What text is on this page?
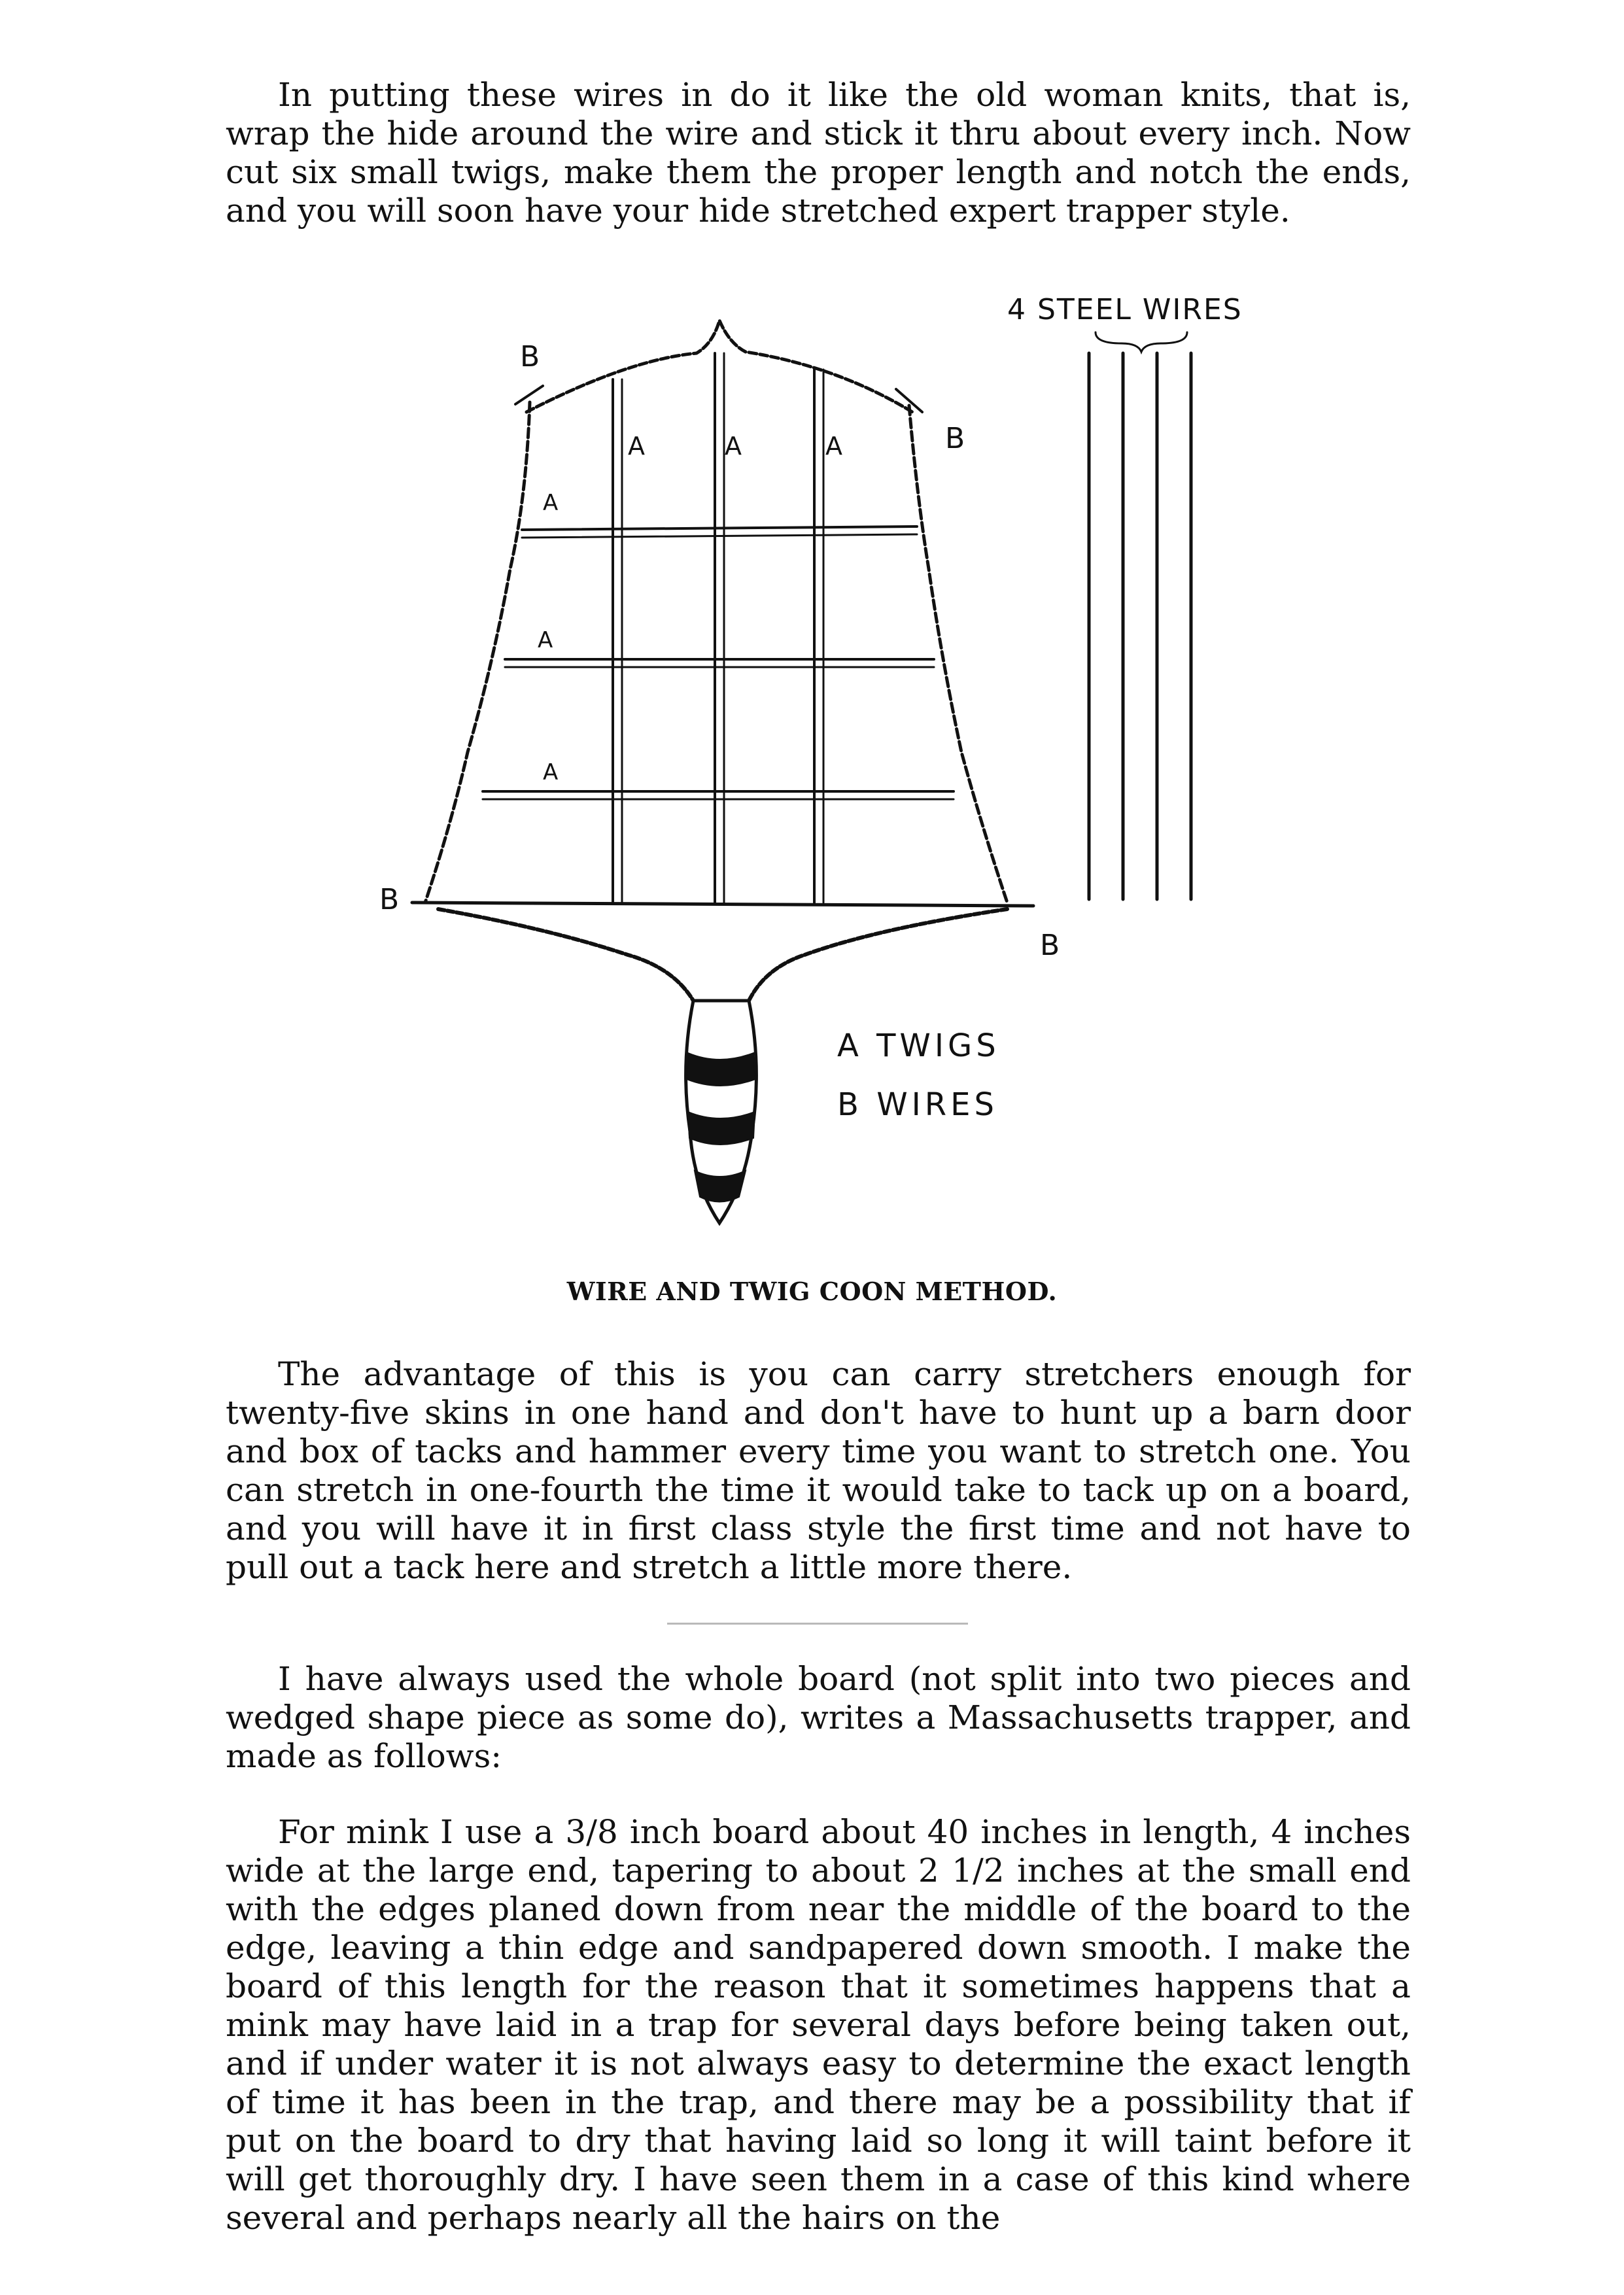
In putting these wires in do it like the old woman knits, that is, wrap the hide around the wire and stick it thru about every inch. Now cut six small twigs, make them the proper length and notch the ends, and you will soon have your hide stretched expert trapper style.
4 STEEL WIRES
B
B
B
B
A	A	A
A
A
A
A TWIGS
B WIRES
WIRE AND TWIG COON METHOD.
The advantage of this is you can carry stretchers enough for twenty-five skins in one hand and don't have to hunt up a barn door and box of tacks and hammer every time you want to stretch one. You can stretch in one-fourth the time it would take to tack up on a board, and you will have it in first class style the first time and not have to pull out a tack here and stretch a little more there.
I have always used the whole board (not split into two pieces and wedged shape piece as some do), writes a Massachusetts trapper, and made as follows:
For mink I use a 3/8 inch board about 40 inches in length, 4 inches wide at the large end, tapering to about 2 1/2 inches at the small end with the edges planed down from near the middle of the board to the edge, leaving a thin edge and sandpapered down smooth. I make the board of this length for the reason that it sometimes happens that a mink may have laid in a trap for several days before being taken out, and if under water it is not always easy to determine the exact length of time it has been in the trap, and there may be a possibility that if put on the board to dry that having laid so long it will taint before it will get thoroughly dry. I have seen them in a case of this kind where several and perhaps nearly all the hairs on the
